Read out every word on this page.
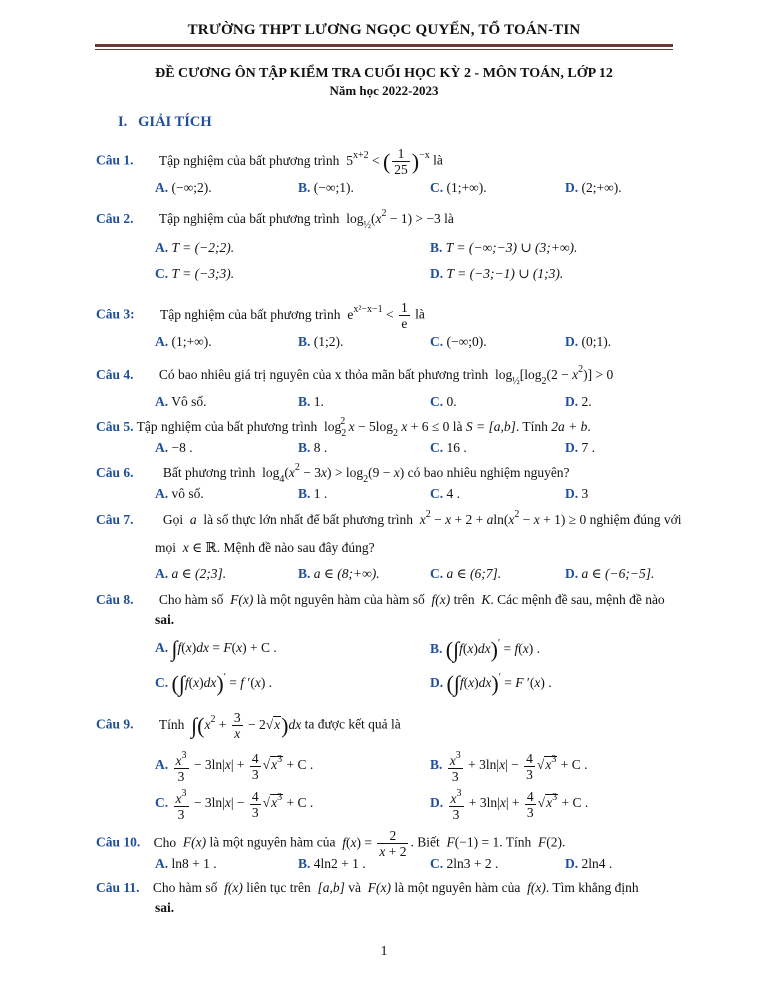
TRƯỜNG THPT LƯƠNG NGỌC QUYẾN, TỔ TOÁN-TIN
ĐỀ CƯƠNG ÔN TẬP KIỂM TRA CUỐI HỌC KỲ 2 - MÔN TOÁN, LỚP 12
Năm học 2022-2023
I. GIẢI TÍCH
Câu 1. Tập nghiệm của bất phương trình  $5^{x+2}$ < ( $\frac{1}{25} )^{-x}$ là
A. (−∞;2).	B. (−∞;1).	C. (1;+∞).	D. (2;+∞).
Câu 2. Tập nghiệm của bất phương trình  $\log_{\frac{1}{2}}(x^2 - 1) > -3$ là
A. T = (−2;2).	B. T = (−∞;−3) ∪ (3;+∞).
C. T = (−3;3).	D. T = (−3;−1) ∪ (1;3).
Câu 3: Tập nghiệm của bất phương trình  $e^{x^2-x-1} < \frac{1}{e}$ là
A. (1;+∞).	B. (1;2).	C. (−∞;0).	D. (0;1).
Câu 4. Có bao nhiêu giá trị nguyên của x thỏa mãn bất phương trình  $\log_{\frac{1}{2}}[\log_2(2 - x^2)] > 0$
A. Vô số.	B. 1.	C. 0.	D. 2.
Câu 5. Tập nghiệm của bất phương trình  $\log_2^2 x - 5\log_2$ x + 6 ≤ 0 là S = [a,b]. Tính 2a + b.
A. −8 .	B. 8 .	C. 16 .	D. 7 .
Câu 6. Bất phương trình  $\log_4(x^2 - 3x) > \log_2(9 - x)$ có bao nhiêu nghiệm nguyên?
A. vô số.	B. 1 .	C. 4 .	D. 3
Câu 7. Gọi  a  là số thực lớn nhất để bất phương trình $x^2 - x + 2 + aln(x^2 - x + 1) \ge 0$ nghiệm đúng với
mọi x ∈ ℝ. Mệnh đề nào sau đây đúng?
A. a ∈ (2;3].	B. a ∈ (8;+∞).	C. a ∈ (6;7].	D. a ∈ (−6;−5].
Câu 8. Cho hàm số  F(x) là một nguyên hàm của hàm số  f(x) trên  K. Các mệnh đề sau, mệnh đề nào
sai.
A. ∫f(x)dx = F(x) + C .	B. (∫f(x)dx)′ = f(x) .
C. (∫f(x)dx)′ = f ′(x) .	D. (∫f(x)dx)′ = F ′(x) .
Câu 9. Tính $\int(x^2 + \frac{3}{x} - 2√x)dx$ ta được kết quả là
A. $\frac{x^3}{3} - 3\ln|x| + \frac{4}{3} √x^3 + C$ .	B. $\frac{x^3}{3} + 3\ln|x| - \frac{4}{3} √x^3 + C$ .
C. $\frac{x^3}{3} - 3\ln|x| - \frac{4}{3} √x^3 + C$ .	D. $\frac{x^3}{3} + 3\ln|x| + \frac{4}{3} √x^3 + C$ .
Câu 10. Cho  F(x) là một nguyên hàm của $f(x) = \frac{2}{x + 2}$ . Biết F(−1) = 1. Tính F(2).
A. ln8 + 1 .	B. 4ln2 + 1 .	C. 2ln3 + 2 .	D. 2ln4 .
Câu 11. Cho hàm số  f(x) liên tục trên  [a,b] và  F(x) là một nguyên hàm của  f(x). Tìm khẳng định
sai.
1
